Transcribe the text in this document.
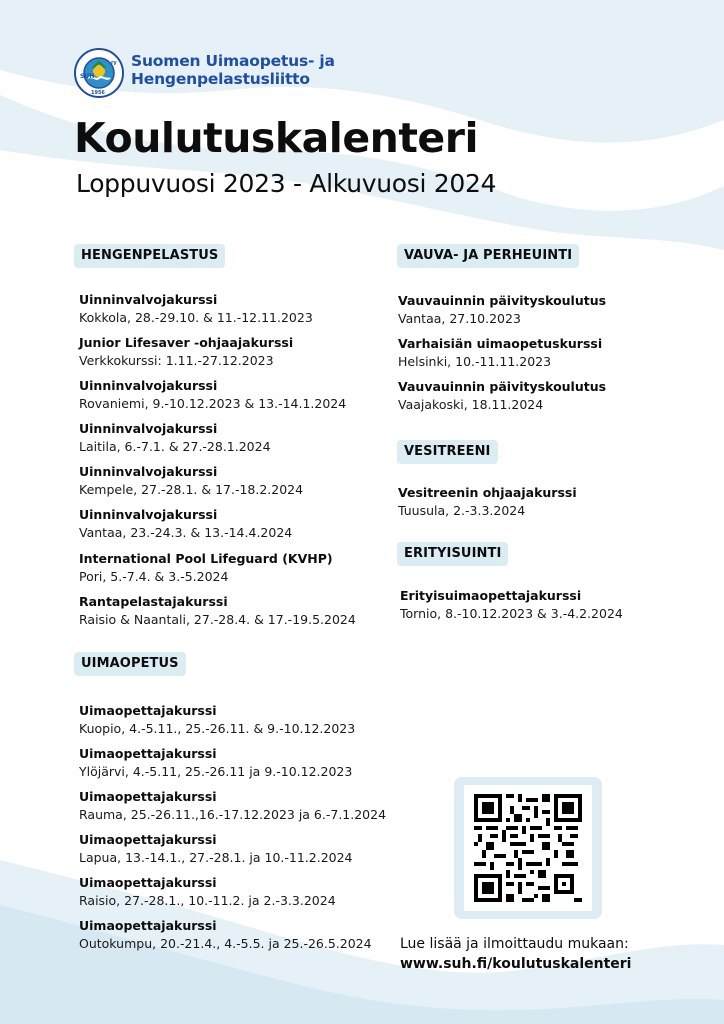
SUH
ry
1956
Suomen Uimaopetus- ja
Hengenpelastusliitto
Koulutuskalenteri
Loppuvuosi 2023 - Alkuvuosi 2024
HENGENPELASTUS
Uinninvalvojakurssi
Kokkola, 28.-29.10. & 11.-12.11.2023
Junior Lifesaver -ohjaajakurssi
Verkkokurssi: 1.11.-27.12.2023
Uinninvalvojakurssi
Rovaniemi, 9.-10.12.2023 & 13.-14.1.2024
Uinninvalvojakurssi
Laitila, 6.-7.1. & 27.-28.1.2024
Uinninvalvojakurssi
Kempele, 27.-28.1. & 17.-18.2.2024
Uinninvalvojakurssi
Vantaa, 23.-24.3. & 13.-14.4.2024
International Pool Lifeguard (KVHP)
Pori, 5.-7.4. & 3.-5.2024
Rantapelastajakurssi
Raisio & Naantali, 27.-28.4. & 17.-19.5.2024
UIMAOPETUS
Uimaopettajakurssi
Kuopio, 4.-5.11., 25.-26.11. & 9.-10.12.2023
Uimaopettajakurssi
Ylöjärvi, 4.-5.11, 25.-26.11 ja 9.-10.12.2023
Uimaopettajakurssi
Rauma, 25.-26.11.,16.-17.12.2023 ja 6.-7.1.2024
Uimaopettajakurssi
Lapua, 13.-14.1., 27.-28.1. ja 10.-11.2.2024
Uimaopettajakurssi
Raisio, 27.-28.1., 10.-11.2. ja 2.-3.3.2024
Uimaopettajakurssi
Outokumpu, 20.-21.4., 4.-5.5. ja 25.-26.5.2024
VAUVA- JA PERHEUINTI
Vauvauinnin päivityskoulutus
Vantaa, 27.10.2023
Varhaisiän uimaopetuskurssi
Helsinki, 10.-11.11.2023
Vauvauinnin päivityskoulutus
Vaajakoski, 18.11.2024
VESITREENI
Vesitreenin ohjaajakurssi
Tuusula, 2.-3.3.2024
ERITYISUINTI
Erityisuimaopettajakurssi
Tornio, 8.-10.12.2023 & 3.-4.2.2024
Lue lisää ja ilmoittaudu mukaan:
www.suh.fi/koulutuskalenteri
